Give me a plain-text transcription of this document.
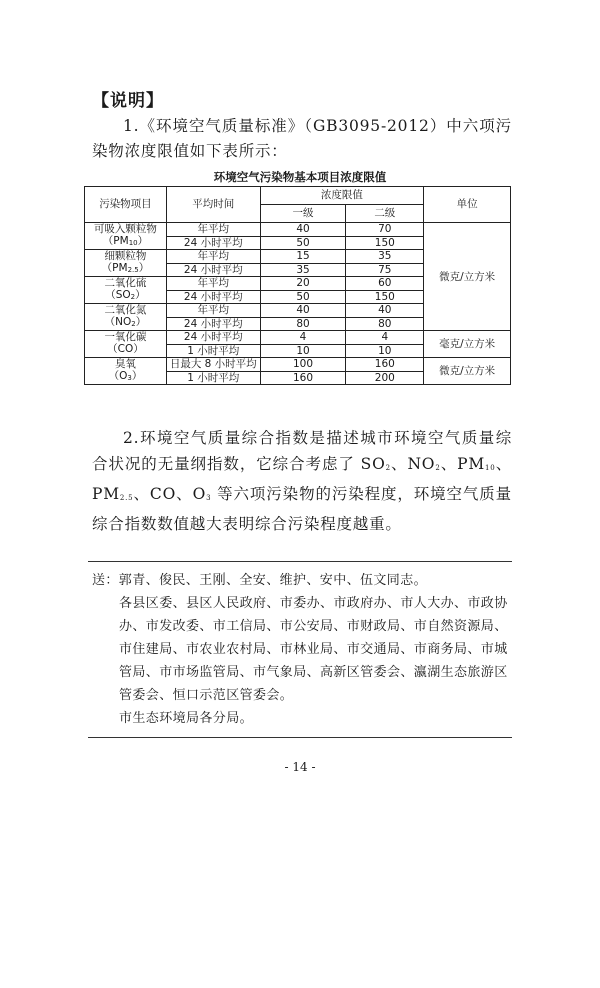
【说明】
1.《环境空气质量标准》（GB3095-2012）中六项污染物浓度限值如下表所示：
环境空气污染物基本项目浓度限值
污染物项目	平均时间	浓度限值		单位
		一级	二级	

可吸入颗粒物
（PM10）	年平均	40	70	微克/立方米
	24 小时平均	50	150	

细颗粒物
（PM2.5）	年平均	15	35	
	24 小时平均	35	75	

二氧化硫
（SO2）	年平均	20	60	
	24 小时平均	50	150	

二氧化氮
（NO2）	年平均	40	40	
	24 小时平均	80	80	

一氧化碳
（CO）	24 小时平均	4	4	毫克/立方米
	1 小时平均	10	10	

臭氧
（O3）	日最大 8 小时平均	100	160	微克/立方米
	1 小时平均	160	200	
2.环境空气质量综合指数是描述城市环境空气质量综合状况的无量纲指数，它综合考虑了 SO2、NO2、PM10、PM2.5、CO、O3 等六项污染物的污染程度，环境空气质量综合指数数值越大表明综合污染程度越重。
送：郭青、俊民、王刚、全安、维护、安中、伍文同志。
各县区委、县区人民政府、市委办、市政府办、市人大办、市政协办、市发改委、市工信局、市公安局、市财政局、市自然资源局、市住建局、市农业农村局、市林业局、市交通局、市商务局、市城管局、市市场监管局、市气象局、高新区管委会、瀛湖生态旅游区管委会、恒口示范区管委会。
市生态环境局各分局。
- 14 -
